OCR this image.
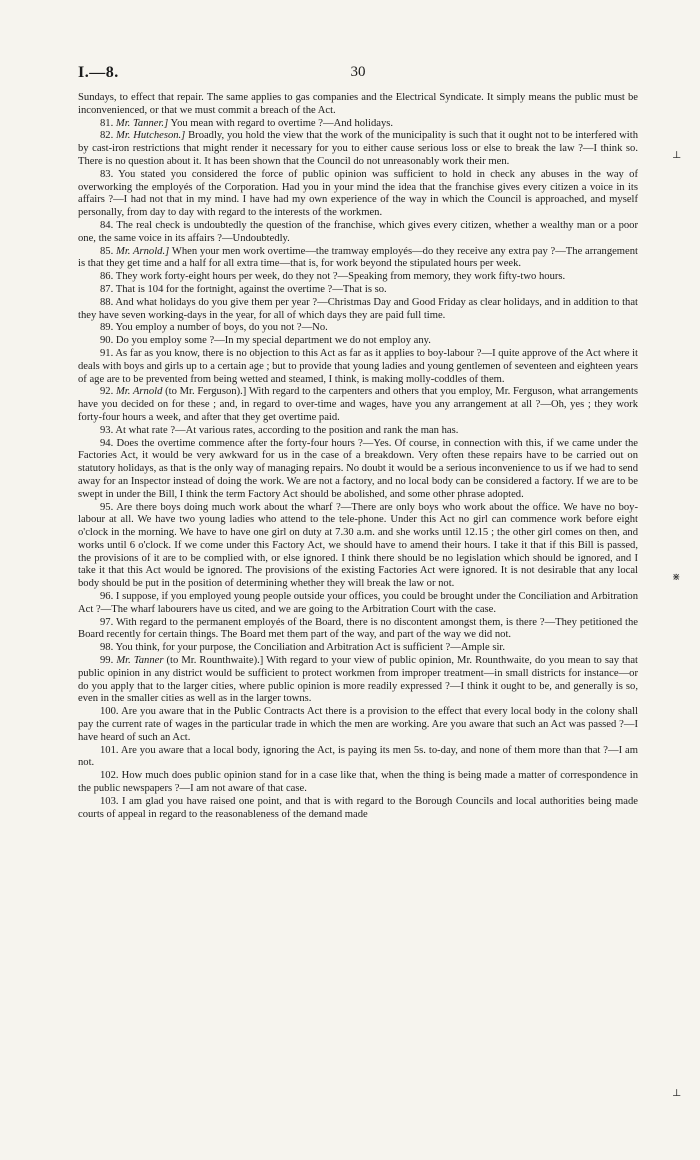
I.—8.	30

Sundays, to effect that repair. The same applies to gas companies and the Electrical Syndicate. It simply means the public must be inconvenienced, or that we must commit a breach of the Act.

81. Mr. Tanner.] You mean with regard to overtime ?—And holidays.

82. Mr. Hutcheson.] Broadly, you hold the view that the work of the municipality is such that it ought not to be interfered with by cast-iron restrictions that might render it necessary for you to either cause serious loss or else to break the law ?—I think so. There is no question about it. It has been shown that the Council do not unreasonably work their men.

83. You stated you considered the force of public opinion was sufficient to hold in check any abuses in the way of overworking the employés of the Corporation. Had you in your mind the idea that the franchise gives every citizen a voice in its affairs ?—I had not that in my mind. I have had my own experience of the way in which the Council is approached, and myself personally, from day to day with regard to the interests of the workmen.

84. The real check is undoubtedly the question of the franchise, which gives every citizen, whether a wealthy man or a poor one, the same voice in its affairs ?—Undoubtedly.

85. Mr. Arnold.] When your men work overtime—the tramway employés—do they receive any extra pay ?—The arrangement is that they get time and a half for all extra time—that is, for work beyond the stipulated hours per week.

86. They work forty-eight hours per week, do they not ?—Speaking from memory, they work fifty-two hours.

87. That is 104 for the fortnight, against the overtime ?—That is so.

88. And what holidays do you give them per year ?—Christmas Day and Good Friday as clear holidays, and in addition to that they have seven working-days in the year, for all of which days they are paid full time.

89. You employ a number of boys, do you not ?—No.

90. Do you employ some ?—In my special department we do not employ any.

91. As far as you know, there is no objection to this Act as far as it applies to boy-labour ?—I quite approve of the Act where it deals with boys and girls up to a certain age ; but to provide that young ladies and young gentlemen of seventeen and eighteen years of age are to be prevented from being wetted and steamed, I think, is making molly-coddles of them.

92. Mr. Arnold (to Mr. Ferguson).] With regard to the carpenters and others that you employ, Mr. Ferguson, what arrangements have you decided on for these ; and, in regard to over-time and wages, have you any arrangement at all ?—Oh, yes ; they work forty-four hours a week, and after that they get overtime paid.

93. At what rate ?—At various rates, according to the position and rank the man has.

94. Does the overtime commence after the forty-four hours ?—Yes. Of course, in connection with this, if we came under the Factories Act, it would be very awkward for us in the case of a breakdown. Very often these repairs have to be carried out on statutory holidays, as that is the only way of managing repairs. No doubt it would be a serious inconvenience to us if we had to send away for an Inspector instead of doing the work. We are not a factory, and no local body can be considered a factory. If we are to be swept in under the Bill, I think the term Factory Act should be abolished, and some other phrase adopted.

95. Are there boys doing much work about the wharf ?—There are only boys who work about the office. We have no boy-labour at all. We have two young ladies who attend to the tele-phone. Under this Act no girl can commence work before eight o'clock in the morning. We have to have one girl on duty at 7.30 a.m. and she works until 12.15 ; the other girl comes on then, and works until 6 o'clock. If we come under this Factory Act, we should have to amend their hours. I take it that if this Bill is passed, the provisions of it are to be complied with, or else ignored. I think there should be no legislation which should be ignored, and I take it that this Act would be ignored. The provisions of the existing Factories Act were ignored. It is not desirable that any local body should be put in the position of determining whether they will break the law or not.

96. I suppose, if you employed young people outside your offices, you could be brought under the Conciliation and Arbitration Act ?—The wharf labourers have us cited, and we are going to the Arbitration Court with the case.

97. With regard to the permanent employés of the Board, there is no discontent amongst them, is there ?—They petitioned the Board recently for certain things. The Board met them part of the way, and part of the way we did not.

98. You think, for your purpose, the Conciliation and Arbitration Act is sufficient ?—Ample sir.

99. Mr. Tanner (to Mr. Rounthwaite).] With regard to your view of public opinion, Mr. Rounthwaite, do you mean to say that public opinion in any district would be sufficient to protect workmen from improper treatment—in small districts for instance—or do you apply that to the larger cities, where public opinion is more readily expressed ?—I think it ought to be, and generally is so, even in the smaller cities as well as in the larger towns.

100. Are you aware that in the Public Contracts Act there is a provision to the effect that every local body in the colony shall pay the current rate of wages in the particular trade in which the men are working. Are you aware that such an Act was passed ?—I have heard of such an Act.

101. Are you aware that a local body, ignoring the Act, is paying its men 5s. to-day, and none of them more than that ?—I am not.

102. How much does public opinion stand for in a case like that, when the thing is being made a matter of correspondence in the public newspapers ?—I am not aware of that case.

103. I am glad you have raised one point, and that is with regard to the Borough Councils and local authorities being made courts of appeal in regard to the reasonableness of the demand made

⊥
⋇
⊥
